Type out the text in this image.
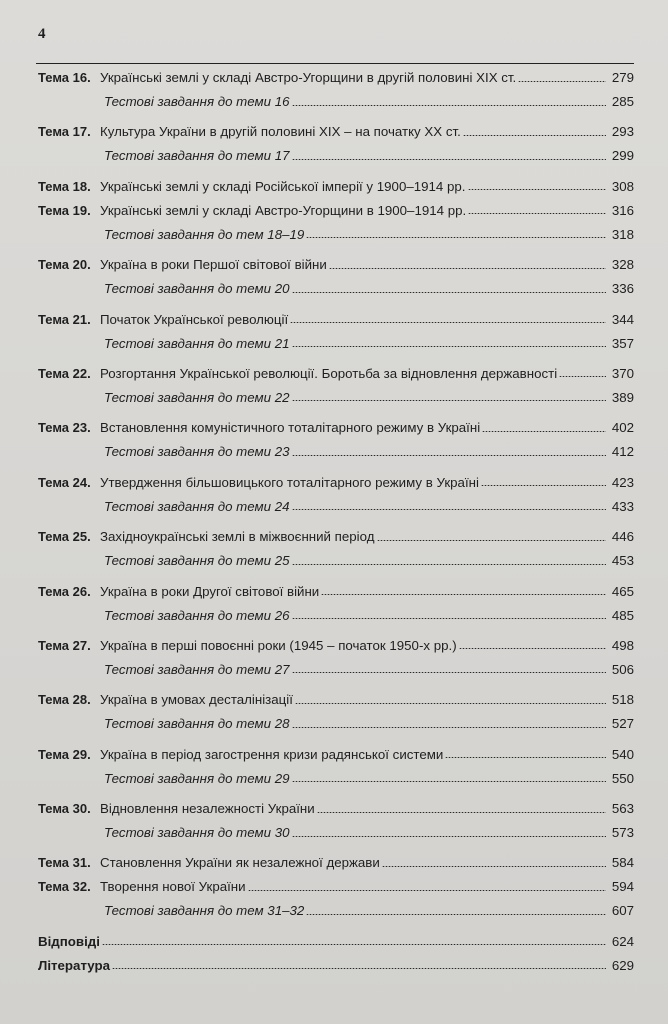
4
Тема 16. Українські землі у складі Австро-Угорщини в другій половині XIX ст.	279
Тестові завдання до теми 16	285
Тема 17. Культура України в другій половині XIX – на початку XX ст.	293
Тестові завдання до теми 17	299
Тема 18. Українські землі у складі Російської імперії у 1900–1914 рр.	308
Тема 19. Українські землі у складі Австро-Угорщини в 1900–1914 рр.	316
Тестові завдання до тем 18–19	318
Тема 20. Україна в роки Першої світової війни	328
Тестові завдання до теми 20	336
Тема 21. Початок Української революції	344
Тестові завдання до теми 21	357
Тема 22. Розгортання Української революції. Боротьба за відновлення державності	370
Тестові завдання до теми 22	389
Тема 23. Встановлення комуністичного тоталітарного режиму в Україні	402
Тестові завдання до теми 23	412
Тема 24. Утвердження більшовицького тоталітарного режиму в Україні	423
Тестові завдання до теми 24	433
Тема 25. Західноукраїнські землі в міжвоєнний період	446
Тестові завдання до теми 25	453
Тема 26. Україна в роки Другої світової війни	465
Тестові завдання до теми 26	485
Тема 27. Україна в перші повоєнні роки (1945 – початок 1950-х рр.)	498
Тестові завдання до теми 27	506
Тема 28. Україна в умовах десталінізації	518
Тестові завдання до теми 28	527
Тема 29. Україна в період загострення кризи радянської системи	540
Тестові завдання до теми 29	550
Тема 30. Відновлення незалежності України	563
Тестові завдання до теми 30	573
Тема 31. Становлення України як незалежної держави	584
Тема 32. Творення нової України	594
Тестові завдання до тем 31–32	607
Відповіді	624
Література	629
